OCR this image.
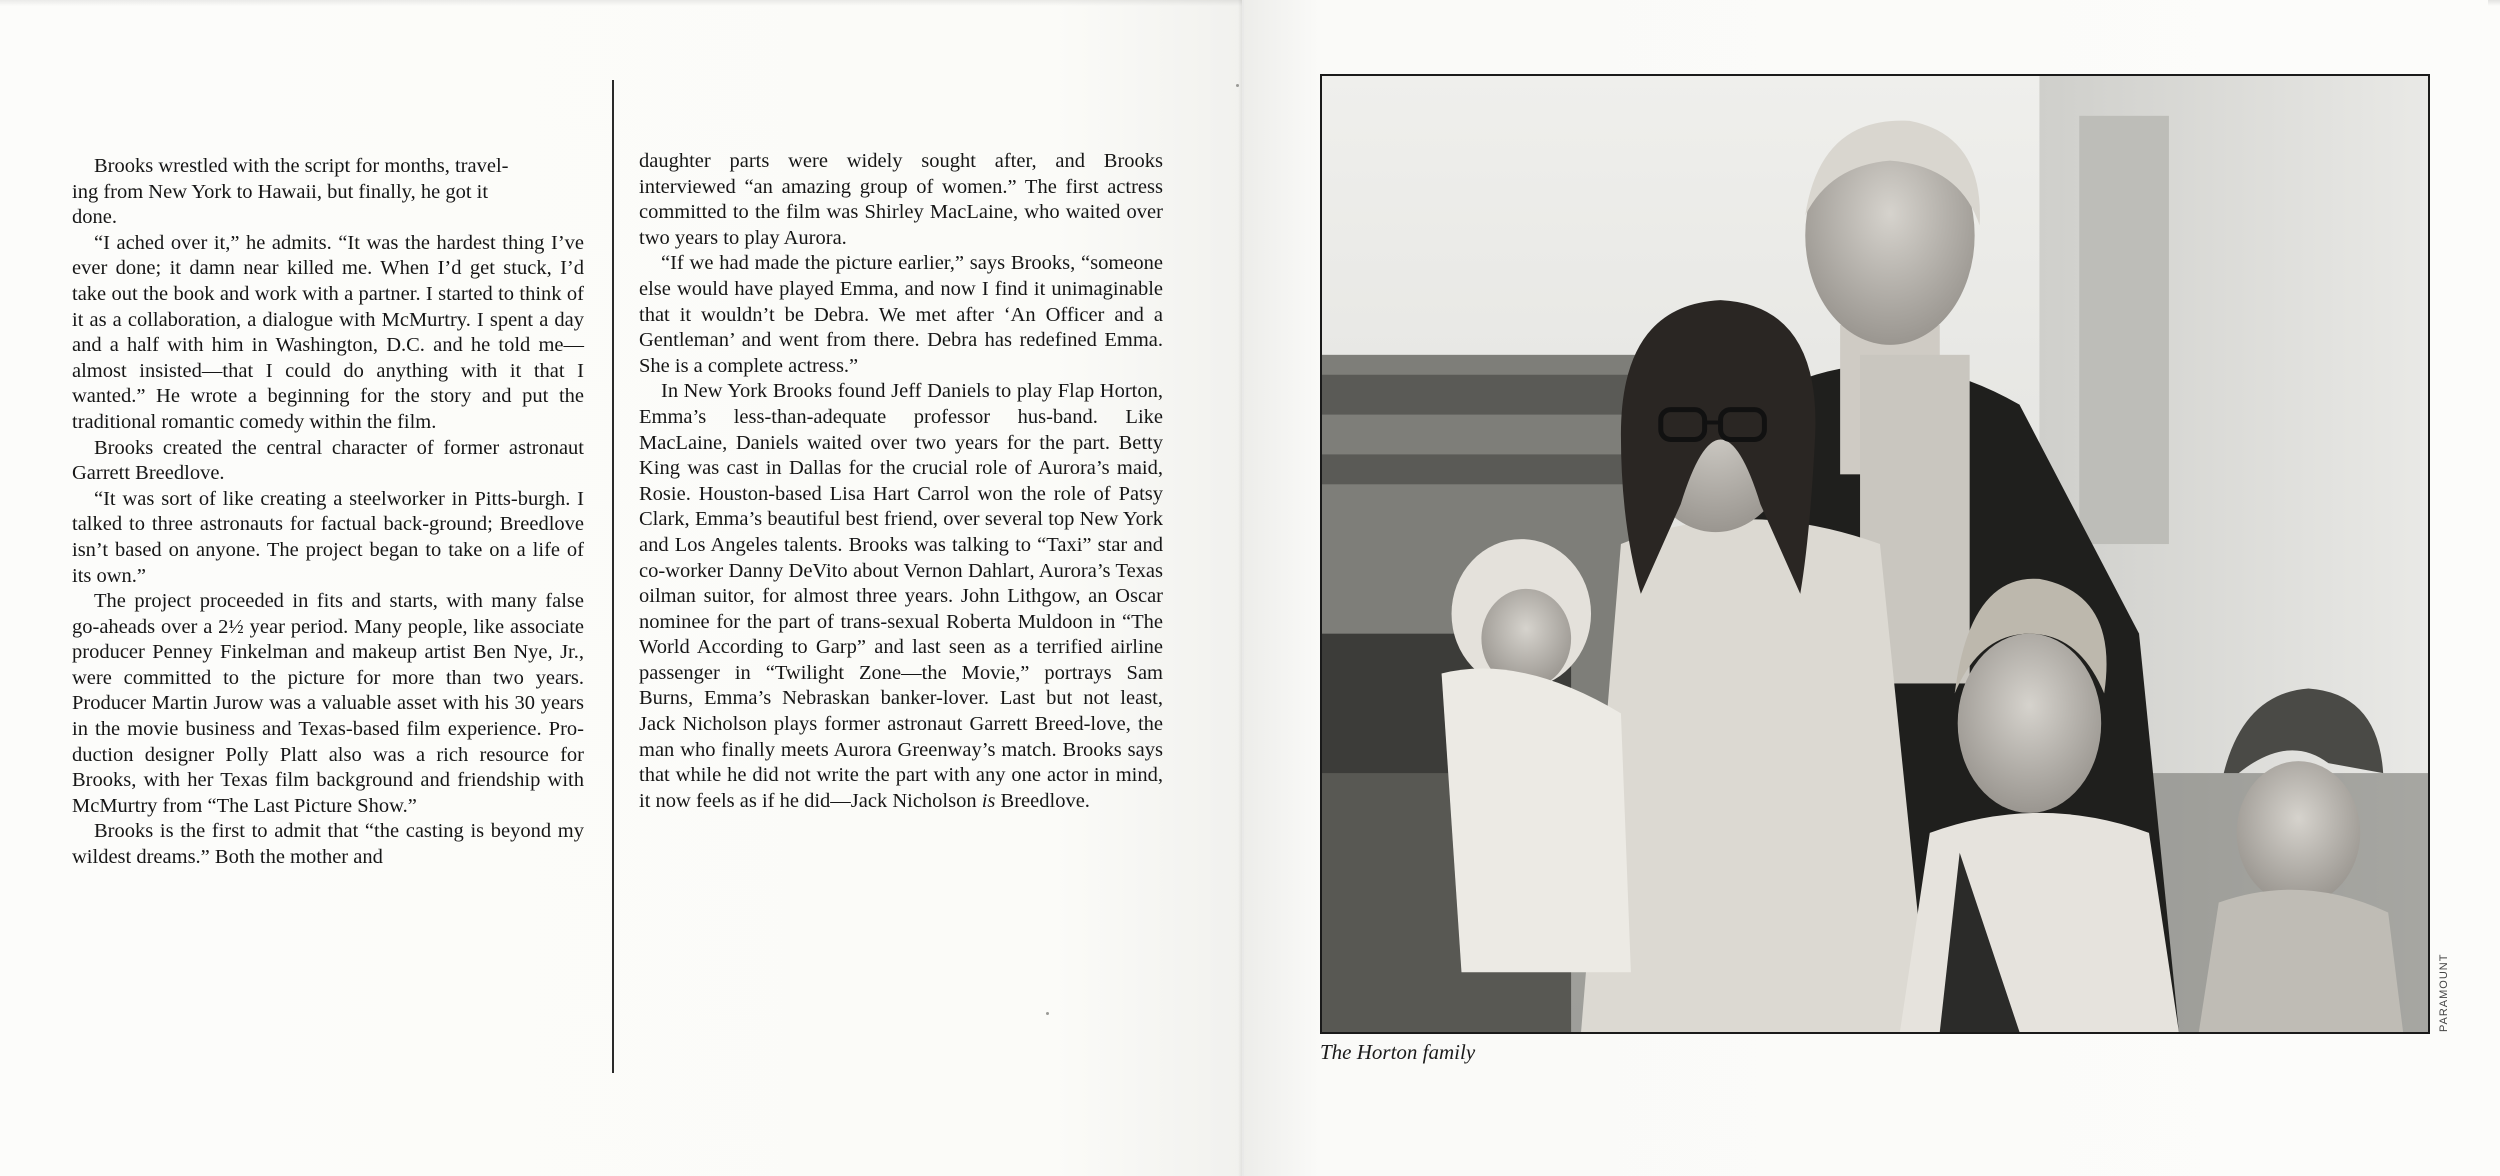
Brooks wrestled with the script for months, travel-
ing from New York to Hawaii, but finally, he got it
done.

“I ached over it,” he admits. “It was the hardest thing I’ve ever done; it damn near killed me. When I’d get stuck, I’d take out the book and work with a partner. I started to think of it as a collaboration, a dialogue with McMurtry. I spent a day and a half with him in Washington, D.C. and he told me—almost insisted—that I could do anything with it that I wanted.” He wrote a beginning for the story and put the traditional romantic comedy within the film.

Brooks created the central character of former astronaut Garrett Breedlove.

“It was sort of like creating a steelworker in Pitts-burgh. I talked to three astronauts for factual back-ground; Breedlove isn’t based on anyone. The project began to take on a life of its own.”

The project proceeded in fits and starts, with many false go-aheads over a 2½ year period. Many people, like associate producer Penney Finkelman and makeup artist Ben Nye, Jr., were committed to the picture for more than two years. Producer Martin Jurow was a valuable asset with his 30 years in the movie business and Texas-based film experience. Pro-duction designer Polly Platt also was a rich resource for Brooks, with her Texas film background and friendship with McMurtry from “The Last Picture Show.”

Brooks is the first to admit that “the casting is beyond my wildest dreams.” Both the mother and

daughter parts were widely sought after, and Brooks interviewed “an amazing group of women.” The first actress committed to the film was Shirley MacLaine, who waited over two years to play Aurora.

“If we had made the picture earlier,” says Brooks, “someone else would have played Emma, and now I find it unimaginable that it wouldn’t be Debra. We met after ‘An Officer and a Gentleman’ and went from there. Debra has redefined Emma. She is a complete actress.”

In New York Brooks found Jeff Daniels to play Flap Horton, Emma’s less-than-adequate professor hus-band. Like MacLaine, Daniels waited over two years for the part. Betty King was cast in Dallas for the crucial role of Aurora’s maid, Rosie. Houston-based Lisa Hart Carrol won the role of Patsy Clark, Emma’s beautiful best friend, over several top New York and Los Angeles talents. Brooks was talking to “Taxi” star and co-worker Danny DeVito about Vernon Dahlart, Aurora’s Texas oilman suitor, for almost three years. John Lithgow, an Oscar nominee for the part of trans-sexual Roberta Muldoon in “The World According to Garp” and last seen as a terrified airline passenger in “Twilight Zone—the Movie,” portrays Sam Burns, Emma’s Nebraskan banker-lover. Last but not least, Jack Nicholson plays former astronaut Garrett Breed-love, the man who finally meets Aurora Greenway’s match. Brooks says that while he did not write the part with any one actor in mind, it now feels as if he did—Jack Nicholson is Breedlove.

The Horton family
PARAMOUNT
